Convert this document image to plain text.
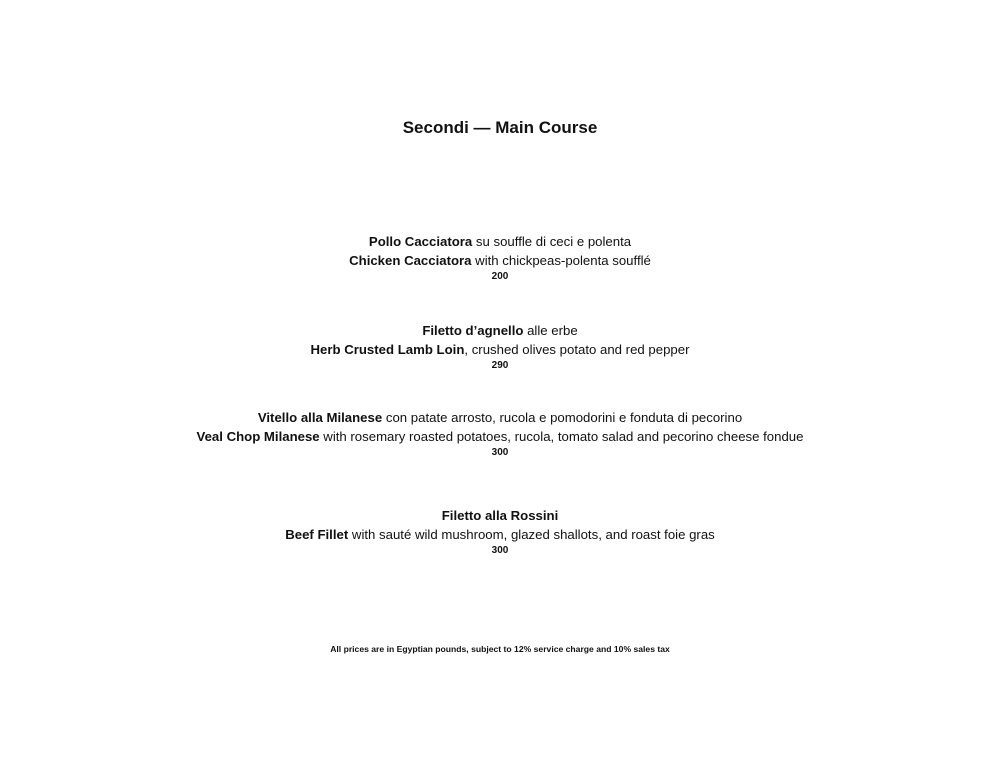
Secondi — Main Course
Pollo Cacciatora su souffle di ceci e polenta
Chicken Cacciatora with chickpeas-polenta soufflé
200
Filetto d’agnello alle erbe
Herb Crusted Lamb Loin, crushed olives potato and red pepper
290
Vitello alla Milanese con patate arrosto, rucola e pomodorini e fonduta di pecorino
Veal Chop Milanese with rosemary roasted potatoes, rucola, tomato salad and pecorino cheese fondue
300
Filetto alla Rossini
Beef Fillet with sauté wild mushroom, glazed shallots, and roast foie gras
300
All prices are in Egyptian pounds, subject to 12% service charge and 10% sales tax
